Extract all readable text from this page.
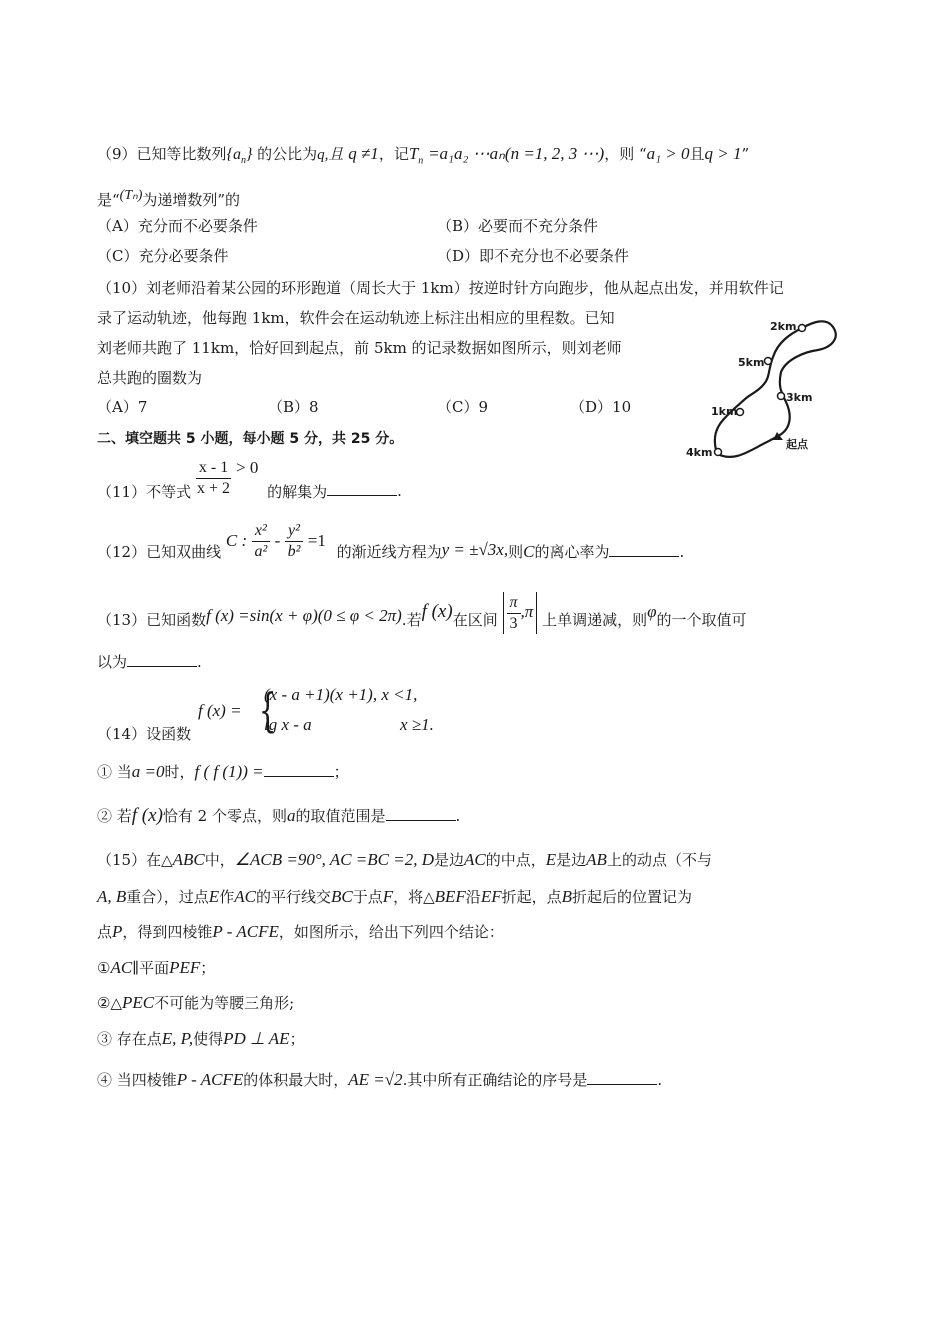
（9）已知等比数列$\{a_n\}$ 的公比为q,且 q ≠1，记$T_n =a_1a_2$ ⋯aₙ(n =1, 2, 3 ⋯)，则 “a₁ > 0且q > 1”
是“(Tₙ)为递增数列”的
（A）充分而不必要条件	（B）必要而不充分条件
（C）充分必要条件	（D）即不充分也不必要条件
（10）刘老师沿着某公园的环形跑道（周长大于 1km）按逆时针方向跑步，他从起点出发，并用软件记
录了运动轨迹，他每跑 1km，软件会在运动轨迹上标注出相应的里程数。已知
刘老师共跑了 11km，恰好回到起点，前 5km 的记录数据如图所示，则刘老师
总共跑的圈数为
（A）7	（B）8	（C）9	（D）10
2km
5km
3km
1km
4km
起点
二、填空题共 5 小题，每小题 5 分，共 25 分。
（11）不等式 $\frac{x - 1}{x + 2} > 0$ 的解集为	.
（12）已知双曲线 C : $\frac{\text{x²}}{\text{a²}} - \frac{\text{y²}}{\text{b²}} =1$ 的渐近线方程为y = ±√3x,则C的离心率为	.
（13）已知函数f (x) =sin(x + φ)(0 ≤ φ < 2π).若f (x)在区间 $\frac{\pi}{3} ,\pi$ 上单调递减，则φ的一个取值可
以为	.
（14）设函数
f (x) = {
(x - a +1)(x +1), x <1,
lg x - a	x ≥1.
① 当a =0时，f ( f (1)) =	；
② 若f (x)恰有 2 个零点，则a的取值范围是	.
（15）在△ABC中，∠ACB =90°, AC =BC =2, D是边AC的中点，E是边AB上的动点（不与
A, B重合），过点E作AC的平行线交BC于点F，将△BEF沿EF折起，点B折起后的位置记为
点P，得到四棱锥P - ACFE，如图所示，给出下列四个结论：
①AC∥平面PEF；
②△PEC不可能为等腰三角形;
③ 存在点E, P,使得PD ⊥ AE；
④ 当四棱锥P - ACFE的体积最大时，AE =√2.其中所有正确结论的序号是	.
